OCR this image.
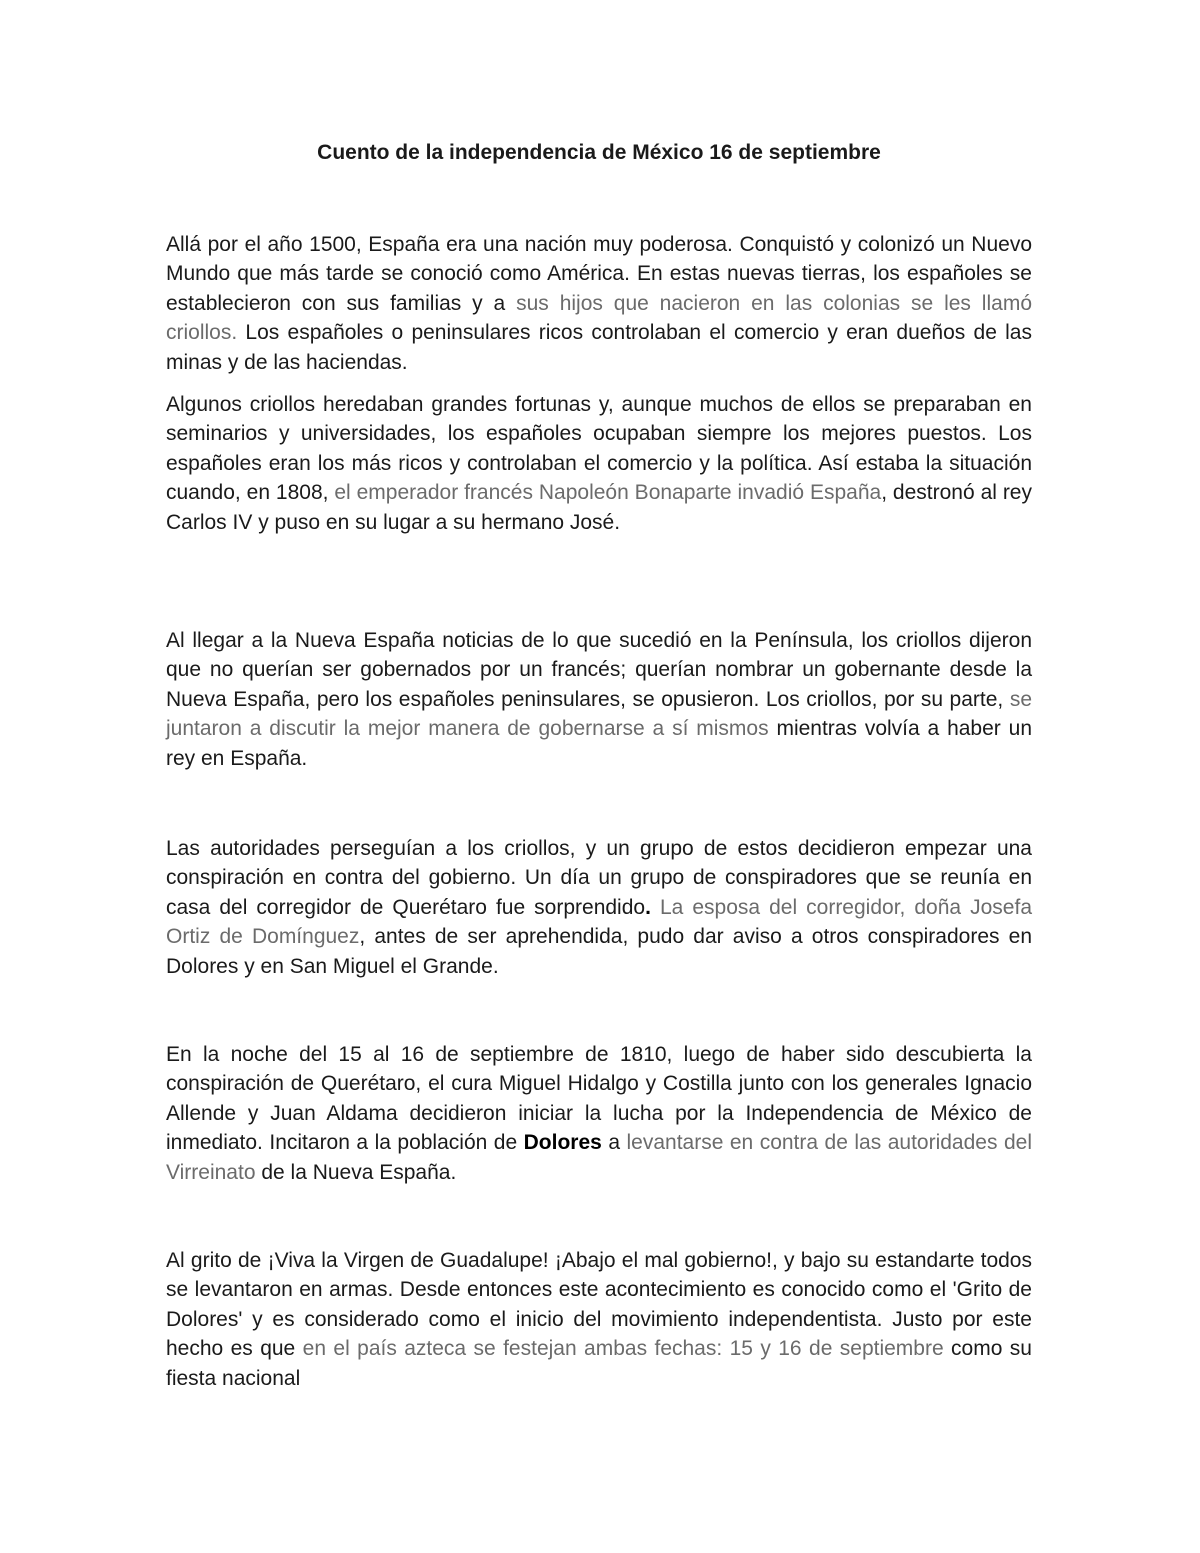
Cuento de la independencia de México 16 de septiembre

Allá por el año 1500, España era una nación muy poderosa. Conquistó y colonizó un Nuevo Mundo que más tarde se conoció como América. En estas nuevas tierras, los españoles se establecieron con sus familias y a sus hijos que nacieron en las colonias se les llamó criollos. Los españoles o peninsulares ricos controlaban el comercio y eran dueños de las minas y de las haciendas.

Algunos criollos heredaban grandes fortunas y, aunque muchos de ellos se preparaban en seminarios y universidades, los españoles ocupaban siempre los mejores puestos. Los españoles eran los más ricos y controlaban el comercio y la política. Así estaba la situación cuando, en 1808, el emperador francés Napoleón Bonaparte invadió España, destronó al rey Carlos IV y puso en su lugar a su hermano José.

Al llegar a la Nueva España noticias de lo que sucedió en la Península, los criollos dijeron que no querían ser gobernados por un francés; querían nombrar un gobernante desde la Nueva España, pero los españoles peninsulares, se opusieron. Los criollos, por su parte, se juntaron a discutir la mejor manera de gobernarse a sí mismos mientras volvía a haber un rey en España.

Las autoridades perseguían a los criollos, y un grupo de estos decidieron empezar una conspiración en contra del gobierno. Un día un grupo de conspiradores que se reunía en casa del corregidor de Querétaro fue sorprendido. La esposa del corregidor, doña Josefa Ortiz de Domínguez, antes de ser aprehendida, pudo dar aviso a otros conspiradores en Dolores y en San Miguel el Grande.

En la noche del 15 al 16 de septiembre de 1810, luego de haber sido descubierta la conspiración de Querétaro, el cura Miguel Hidalgo y Costilla junto con los generales Ignacio Allende y Juan Aldama decidieron iniciar la lucha por la Independencia de México de inmediato. Incitaron a la población de Dolores a levantarse en contra de las autoridades del Virreinato de la Nueva España.

Al grito de ¡Viva la Virgen de Guadalupe! ¡Abajo el mal gobierno!, y bajo su estandarte todos se levantaron en armas. Desde entonces este acontecimiento es conocido como el 'Grito de Dolores' y es considerado como el inicio del movimiento independentista. Justo por este hecho es que en el país azteca se festejan ambas fechas: 15 y 16 de septiembre como su fiesta nacional
